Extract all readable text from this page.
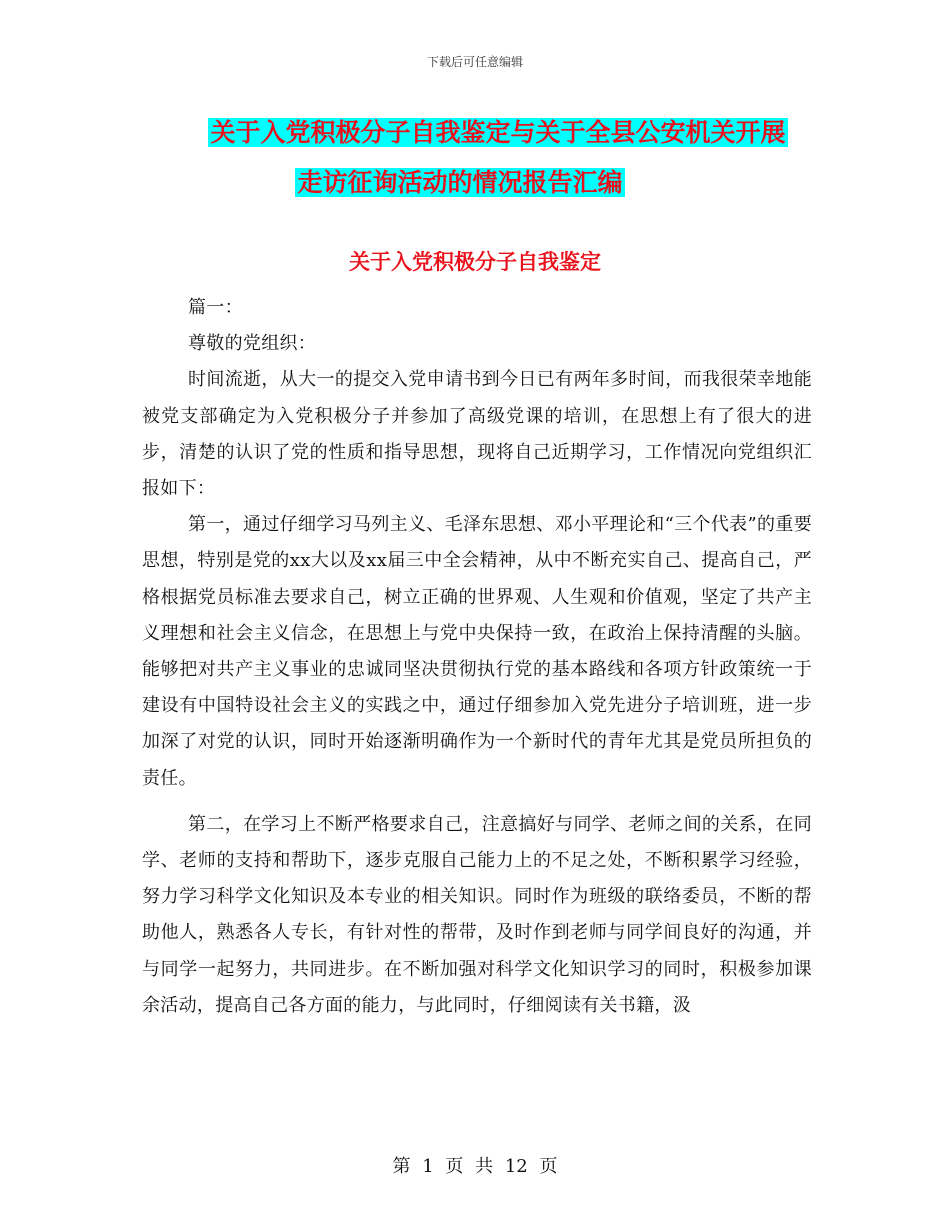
下载后可任意编辑
关于入党积极分子自我鉴定与关于全县公安机关开展
走访征询活动的情况报告汇编
关于入党积极分子自我鉴定

篇一：

尊敬的党组织：

时间流逝，从大一的提交入党申请书到今日已有两年多时间，而我很荣幸地能被党支部确定为入党积极分子并参加了高级党课的培训，在思想上有了很大的进步，清楚的认识了党的性质和指导思想，现将自己近期学习，工作情况向党组织汇报如下：

第一，通过仔细学习马列主义、毛泽东思想、邓小平理论和“三个代表”的重要思想，特别是党的xx大以及xx届三中全会精神，从中不断充实自己、提高自己，严格根据党员标准去要求自己，树立正确的世界观、人生观和价值观，坚定了共产主义理想和社会主义信念，在思想上与党中央保持一致，在政治上保持清醒的头脑。能够把对共产主义事业的忠诚同坚决贯彻执行党的基本路线和各项方针政策统一于建设有中国特设社会主义的实践之中，通过仔细参加入党先进分子培训班，进一步加深了对党的认识，同时开始逐渐明确作为一个新时代的青年尤其是党员所担负的责任。

第二，在学习上不断严格要求自己，注意搞好与同学、老师之间的关系，在同学、老师的支持和帮助下，逐步克服自己能力上的不足之处，不断积累学习经验，努力学习科学文化知识及本专业的相关知识。同时作为班级的联络委员，不断的帮助他人，熟悉各人专长，有针对性的帮带，及时作到老师与同学间良好的沟通，并与同学一起努力，共同进步。在不断加强对科学文化知识学习的同时，积极参加课余活动，提高自己各方面的能力，与此同时，仔细阅读有关书籍，汲

第 1 页 共 12 页
